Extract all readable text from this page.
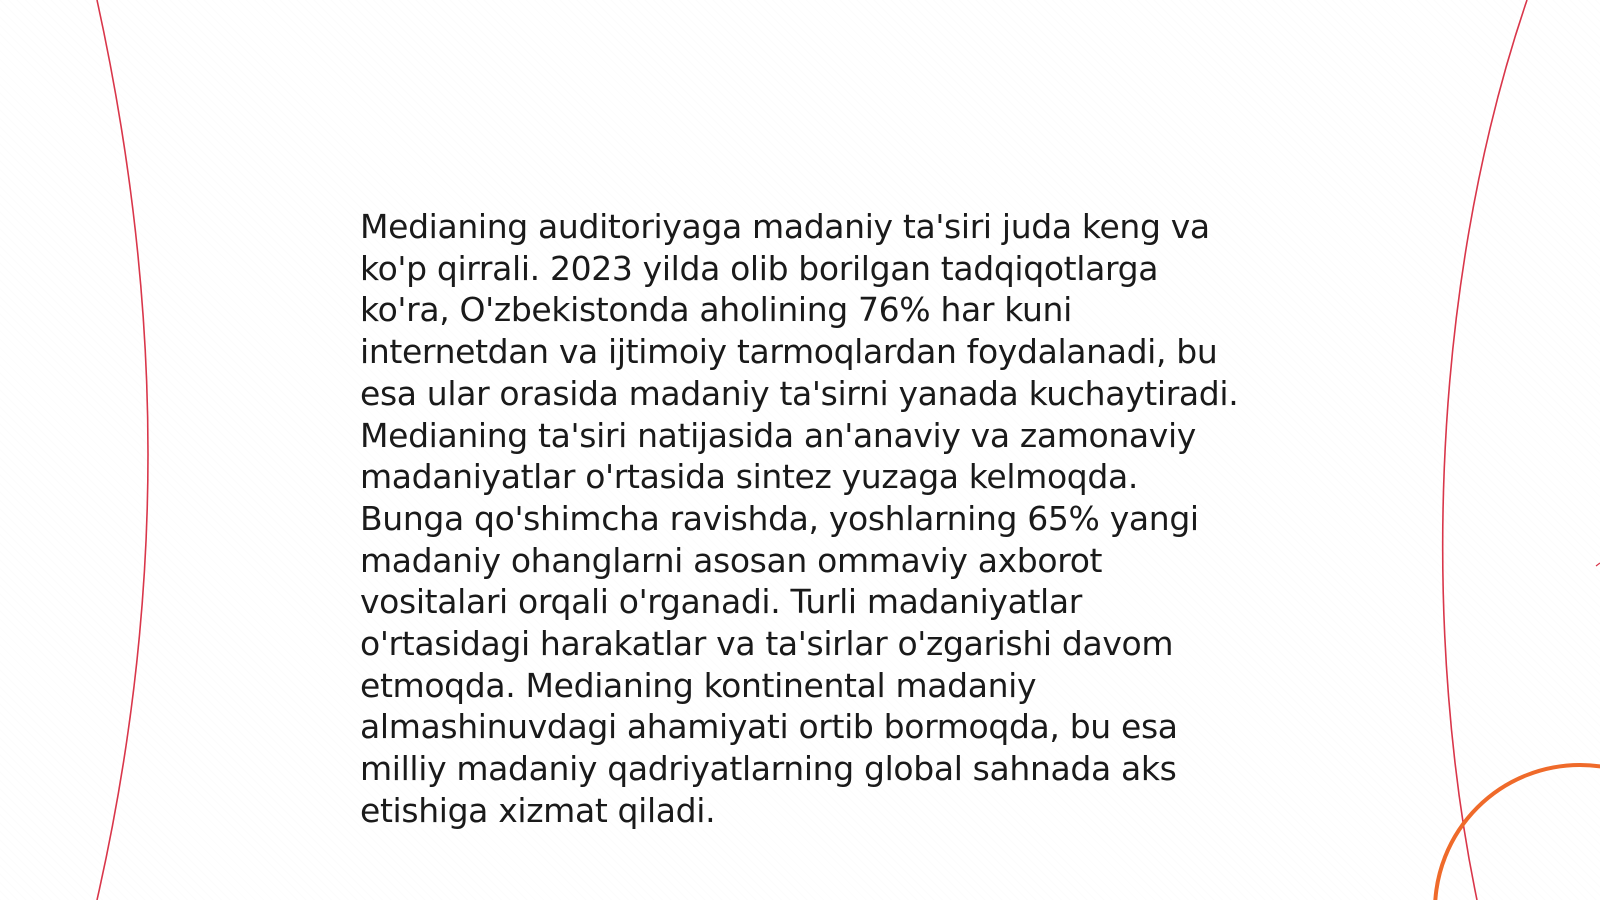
Medianing auditoriyaga madaniy ta'siri juda keng va
ko'p qirrali. 2023 yilda olib borilgan tadqiqotlarga
ko'ra, O'zbekistonda aholining 76% har kuni
internetdan va ijtimoiy tarmoqlardan foydalanadi, bu
esa ular orasida madaniy ta'sirni yanada kuchaytiradi.
Medianing ta'siri natijasida an'anaviy va zamonaviy
madaniyatlar o'rtasida sintez yuzaga kelmoqda.
Bunga qo'shimcha ravishda, yoshlarning 65% yangi
madaniy ohanglarni asosan ommaviy axborot
vositalari orqali o'rganadi. Turli madaniyatlar
o'rtasidagi harakatlar va ta'sirlar o'zgarishi davom
etmoqda. Medianing kontinental madaniy
almashinuvdagi ahamiyati ortib bormoqda, bu esa
milliy madaniy qadriyatlarning global sahnada aks
etishiga xizmat qiladi.
